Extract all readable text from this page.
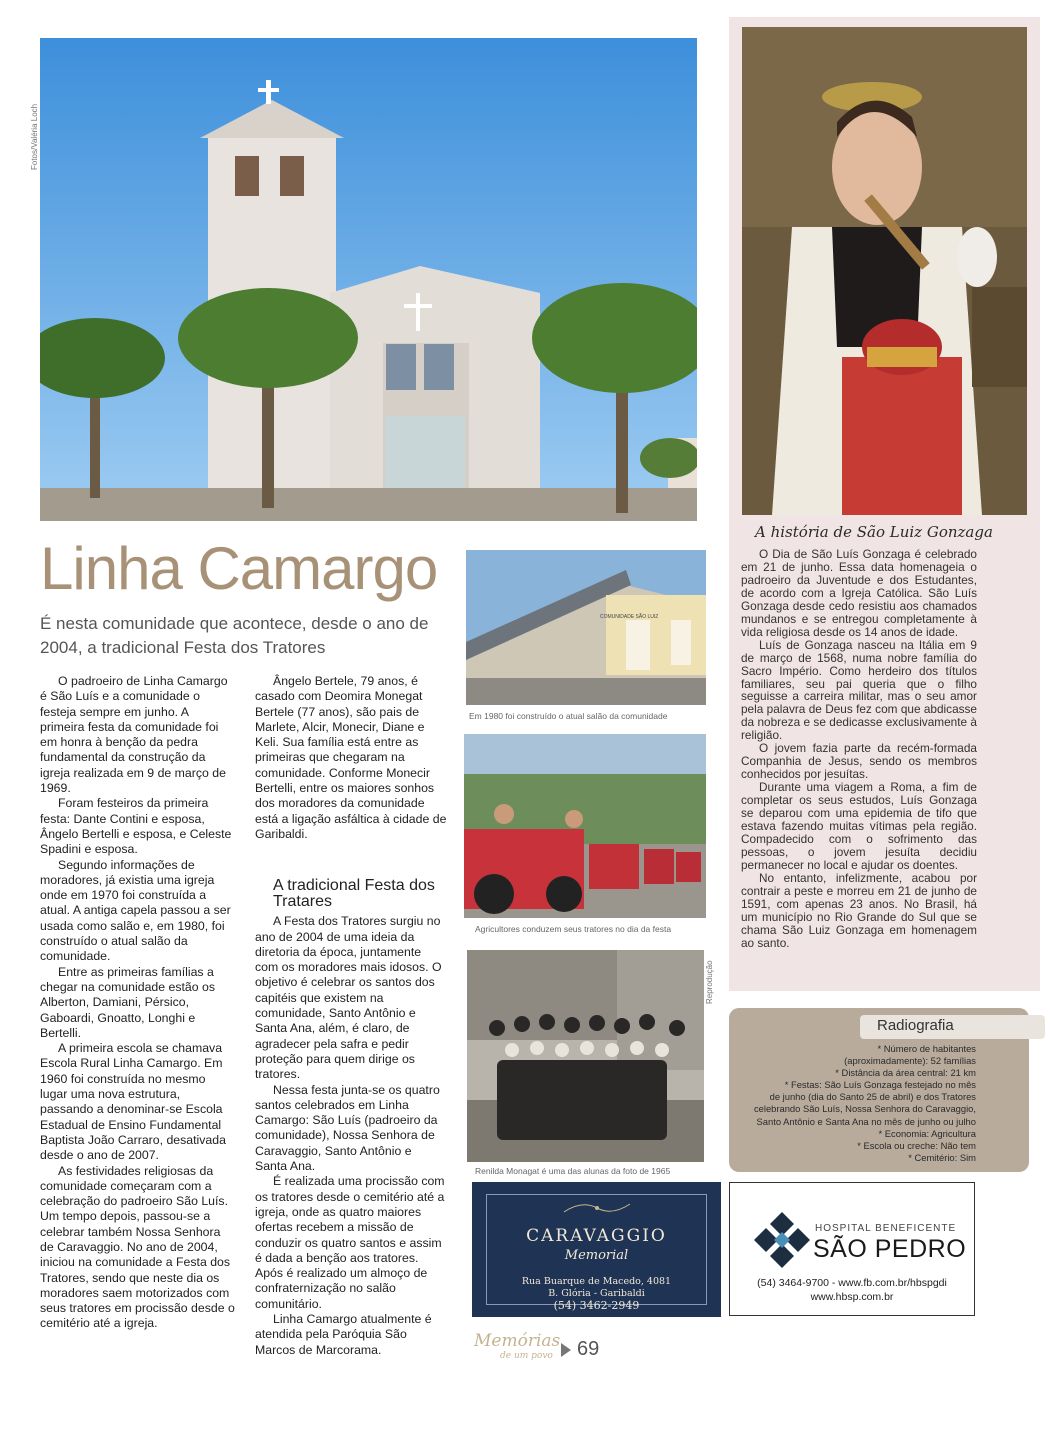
Fotos/Valéria Loch
Linha Camargo
É nesta comunidade que acontece, desde o ano de 2004, a tradicional Festa dos Tratores

O padroeiro de Linha Camargo é São Luís e a comunidade o festeja sempre em junho. A primeira festa da comunidade foi em honra à benção da pedra fundamental da construção da igreja realizada em 9 de março de 1969.

Foram festeiros da primeira festa: Dante Contini e esposa, Ângelo Bertelli e esposa, e Celeste Spadini e esposa.

Segundo informações de moradores, já existia uma igreja onde em 1970 foi construída a atual. A antiga capela passou a ser usada como salão e, em 1980, foi construído o atual salão da comunidade.

Entre as primeiras famílias a chegar na comunidade estão os Alberton, Damiani, Pérsico, Gaboardi, Gnoatto, Longhi e Bertelli.

A primeira escola se chamava Escola Rural Linha Camargo. Em 1960 foi construída no mesmo lugar uma nova estrutura, passando a denominar-se Escola Estadual de Ensino Fundamental Baptista João Carraro, desativada desde o ano de 2007.

As festividades religiosas da comunidade começaram com a celebração do padroeiro São Luís. Um tempo depois, passou-se a celebrar também Nossa Senhora de Caravaggio. No ano de 2004, iniciou na comunidade a Festa dos Tratores, sendo que neste dia os moradores saem motorizados com seus tratores em procissão desde o cemitério até a igreja.

Ângelo Bertele, 79 anos, é casado com Deomira Monegat Bertele (77 anos), são pais de Marlete, Alcir, Monecir, Diane e Keli. Sua família está entre as primeiras que chegaram na comunidade. Conforme Monecir Bertelli, entre os maiores sonhos dos moradores da comunidade está a ligação asfáltica à cidade de Garibaldi.

A tradicional Festa dos Tratares

A Festa dos Tratores surgiu no ano de 2004 de uma ideia da diretoria da época, juntamente com os moradores mais idosos. O objetivo é celebrar os santos dos capitéis que existem na comunidade, Santo Antônio e Santa Ana, além, é claro, de agradecer pela safra e pedir proteção para quem dirige os tratores.

Nessa festa junta-se os quatro santos celebrados em Linha Camargo: São Luís (padroeiro da comunidade), Nossa Senhora de Caravaggio, Santo Antônio e Santa Ana.

É realizada uma procissão com os tratores desde o cemitério até a igreja, onde as quatro maiores ofertas recebem a missão de conduzir os quatro santos e assim é dada a benção aos tratores. Após é realizado um almoço de confraternização no salão comunitário.

Linha Camargo atualmente é atendida pela Paróquia São Marcos de Marcorama.

COMUNIDADE SÃO LUIZ
Em 1980 foi construído o atual salão da comunidade
Agricultores conduzem seus tratores no dia da festa
Reprodução
Renilda Monagat é uma das alunas da foto de 1965
A história de São Luiz Gonzaga

O Dia de São Luís Gonzaga é celebrado em 21 de junho. Essa data homenageia o padroeiro da Juventude e dos Estudantes, de acordo com a Igreja Católica. São Luís Gonzaga desde cedo resistiu aos chamados mundanos e se entregou completamente à vida religiosa desde os 14 anos de idade.

Luís de Gonzaga nasceu na Itália em 9 de março de 1568, numa nobre família do Sacro Império. Como herdeiro dos títulos familiares, seu pai queria que o filho seguisse a carreira militar, mas o seu amor pela palavra de Deus fez com que abdicasse da nobreza e se dedicasse exclusivamente à religião.

O jovem fazia parte da recém-formada Companhia de Jesus, sendo os membros conhecidos por jesuítas.

Durante uma viagem a Roma, a fim de completar os seus estudos, Luís Gonzaga se deparou com uma epidemia de tifo que estava fazendo muitas vítimas pela região. Compadecido com o sofrimento das pessoas, o jovem jesuíta decidiu permanecer no local e ajudar os doentes.

No entanto, infelizmente, acabou por contrair a peste e morreu em 21 de junho de 1591, com apenas 23 anos. No Brasil, há um município no Rio Grande do Sul que se chama São Luiz Gonzaga em homenagem ao santo.

Radiografia
* Número de habitantes
(aproximadamente): 52 famílias
* Distância da área central: 21 km
* Festas: São Luís Gonzaga festejado no mês
de junho (dia do Santo 25 de abril) e dos Tratores
celebrando São Luís, Nossa Senhora do Caravaggio,
Santo Antônio e Santa Ana no mês de junho ou julho
* Economia: Agricultura
* Escola ou creche: Não tem
* Cemitério: Sim
CARAVAGGIO
Memorial
Rua Buarque de Macedo, 4081
B. Glória - Garibaldi
(54) 3462-2949
HOSPITAL BENEFICENTE
SÃO PEDRO
(54) 3464-9700 - www.fb.com.br/hbspgdi
www.hbsp.com.br
Memórias
de um povo 69
